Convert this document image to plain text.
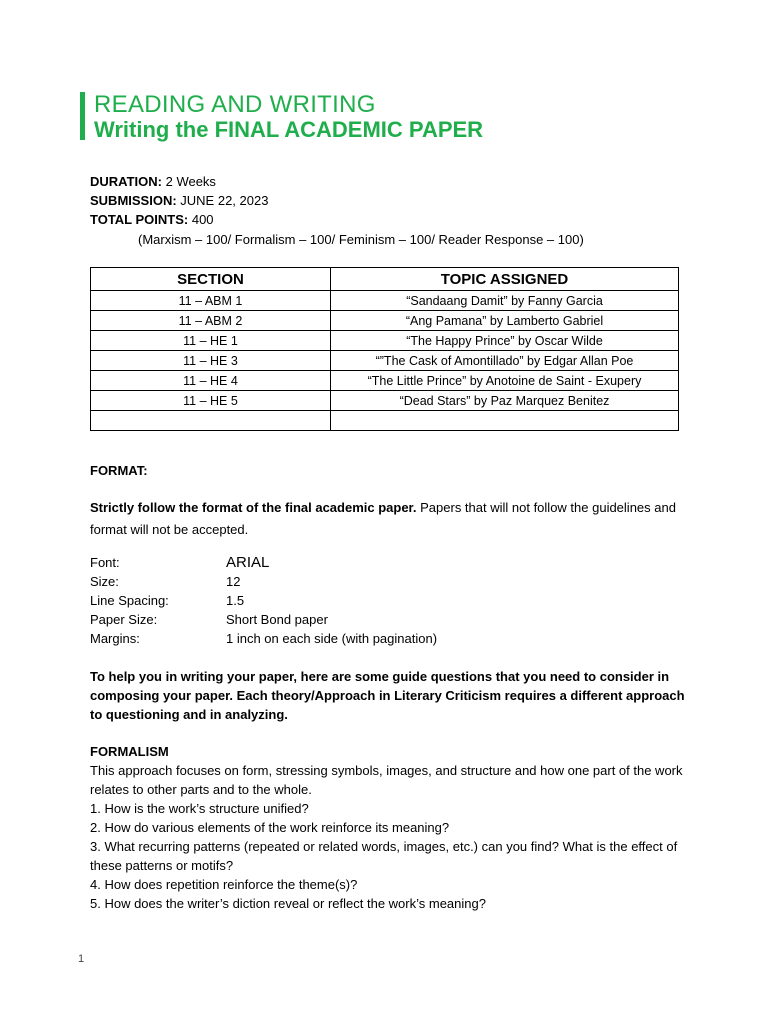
READING AND WRITING
Writing the FINAL ACADEMIC PAPER
DURATION: 2 Weeks
SUBMISSION: JUNE 22, 2023
TOTAL POINTS: 400
(Marxism – 100/ Formalism – 100/ Feminism – 100/ Reader Response – 100)
SECTION	TOPIC ASSIGNED
11 – ABM 1	“Sandaang Damit” by Fanny Garcia
11 – ABM 2	“Ang Pamana” by Lamberto Gabriel
11 – HE 1	“The Happy Prince” by Oscar Wilde
11 – HE 3	“”The Cask of Amontillado” by Edgar Allan Poe
11 – HE 4	“The Little Prince” by Anotoine de Saint - Exupery
11 – HE 5	“Dead Stars” by Paz Marquez Benitez

FORMAT:
Strictly follow the format of the final academic paper. Papers that will not follow the guidelines and format will not be accepted.
Font:	ARIAL
Size:	12
Line Spacing:	1.5
Paper Size:	Short Bond paper
Margins:	1 inch on each side (with pagination)
To help you in writing your paper, here are some guide questions that you need to consider in composing your paper. Each theory/Approach in Literary Criticism requires a different approach to questioning and in analyzing.
FORMALISM
This approach focuses on form, stressing symbols, images, and structure and how one part of the work relates to other parts and to the whole.
1. How is the work’s structure unified?
2. How do various elements of the work reinforce its meaning?
3. What recurring patterns (repeated or related words, images, etc.) can you find? What is the effect of these patterns or motifs?
4. How does repetition reinforce the theme(s)?
5. How does the writer’s diction reveal or reflect the work’s meaning?
1
